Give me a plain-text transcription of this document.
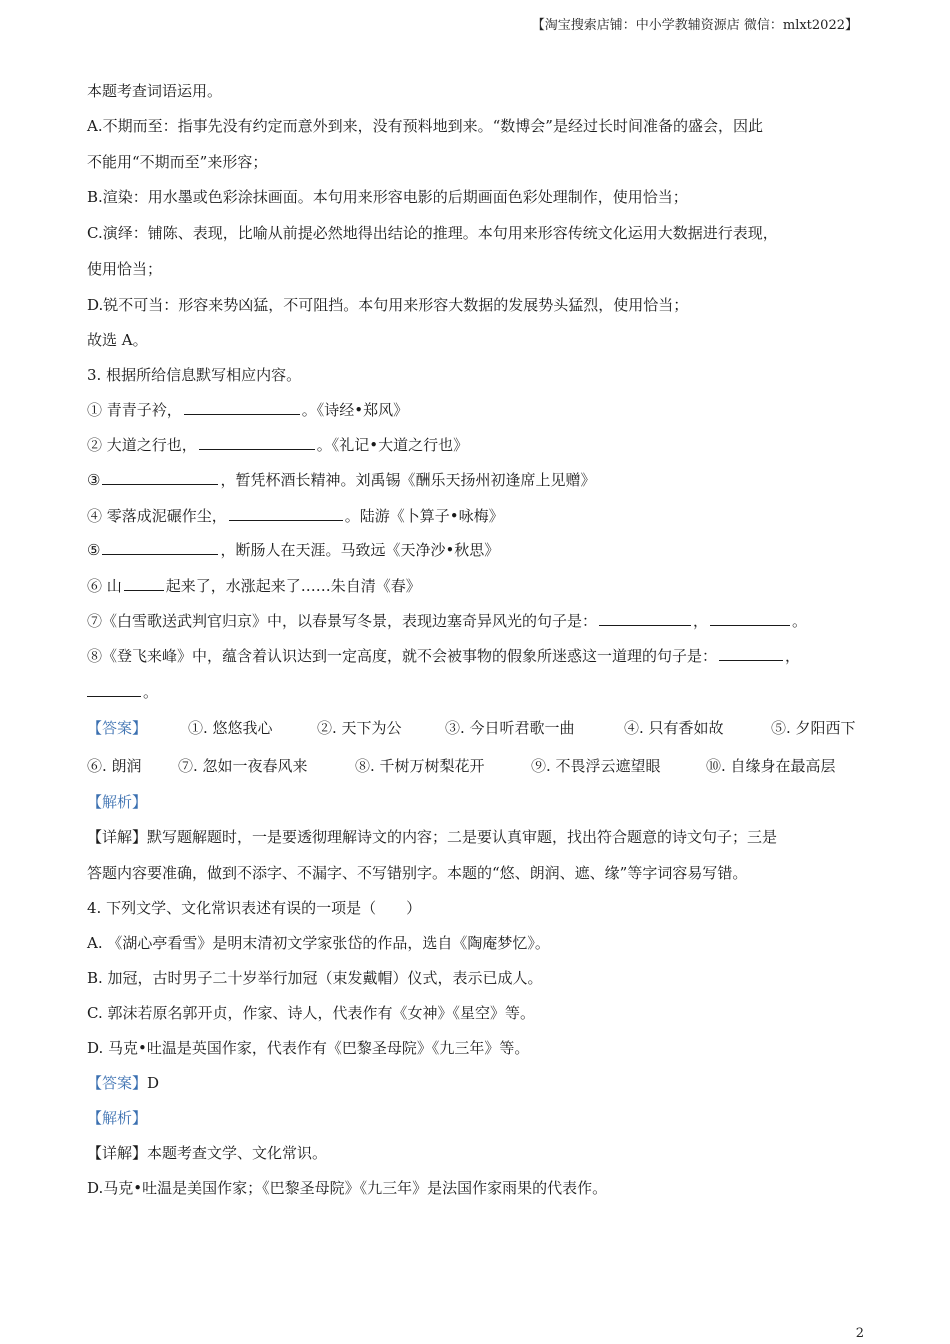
【淘宝搜索店铺：中小学教辅资源店 微信：mlxt2022】
本题考查词语运用。
A.不期而至：指事先没有约定而意外到来，没有预料地到来。“数博会”是经过长时间准备的盛会，因此
不能用“不期而至”来形容；
B.渲染：用水墨或色彩涂抹画面。本句用来形容电影的后期画面色彩处理制作，使用恰当；
C.演绎：铺陈、表现，比喻从前提必然地得出结论的推理。本句用来形容传统文化运用大数据进行表现，
使用恰当；
D.锐不可当：形容来势凶猛，不可阻挡。本句用来形容大数据的发展势头猛烈，使用恰当；
故选 A。
3. 根据所给信息默写相应内容。
① 青青子衿，	。《诗经•郑风》
② 大道之行也，	。《礼记•大道之行也》
③	，暂凭杯酒长精神。刘禹锡《酬乐天扬州初逢席上见赠》
④ 零落成泥碾作尘，	。陆游《卜算子•咏梅》
⑤	，断肠人在天涯。马致远《天净沙•秋思》
⑥ 山	起来了，水涨起来了……朱自清《春》
⑦《白雪歌送武判官归京》中，以春景写冬景，表现边塞奇异风光的句子是：	，	。
⑧《登飞来峰》中，蕴含着认识达到一定高度，就不会被事物的假象所迷惑这一道理的句子是：	，
。
【答案】	①. 悠悠我心	②. 天下为公	③. 今日听君歌一曲	④. 只有香如故	⑤. 夕阳西下
⑥. 朗润 ⑦. 忽如一夜春风来	⑧. 千树万树梨花开	⑨. 不畏浮云遮望眼	⑩. 自缘身在最高层
【解析】
【详解】默写题解题时，一是要透彻理解诗文的内容；二是要认真审题，找出符合题意的诗文句子；三是
答题内容要准确，做到不添字、不漏字、不写错别字。本题的“悠、朗润、遮、缘”等字词容易写错。
4. 下列文学、文化常识表述有误的一项是（　　）
A. 《湖心亭看雪》是明末清初文学家张岱的作品，选自《陶庵梦忆》。
B. 加冠，古时男子二十岁举行加冠（束发戴帽）仪式，表示已成人。
C. 郭沫若原名郭开贞，作家、诗人，代表作有《女神》《星空》等。
D. 马克•吐温是英国作家，代表作有《巴黎圣母院》《九三年》等。
【答案】D
【解析】
【详解】本题考查文学、文化常识。
D.马克•吐温是美国作家；《巴黎圣母院》《九三年》是法国作家雨果的代表作。
2
